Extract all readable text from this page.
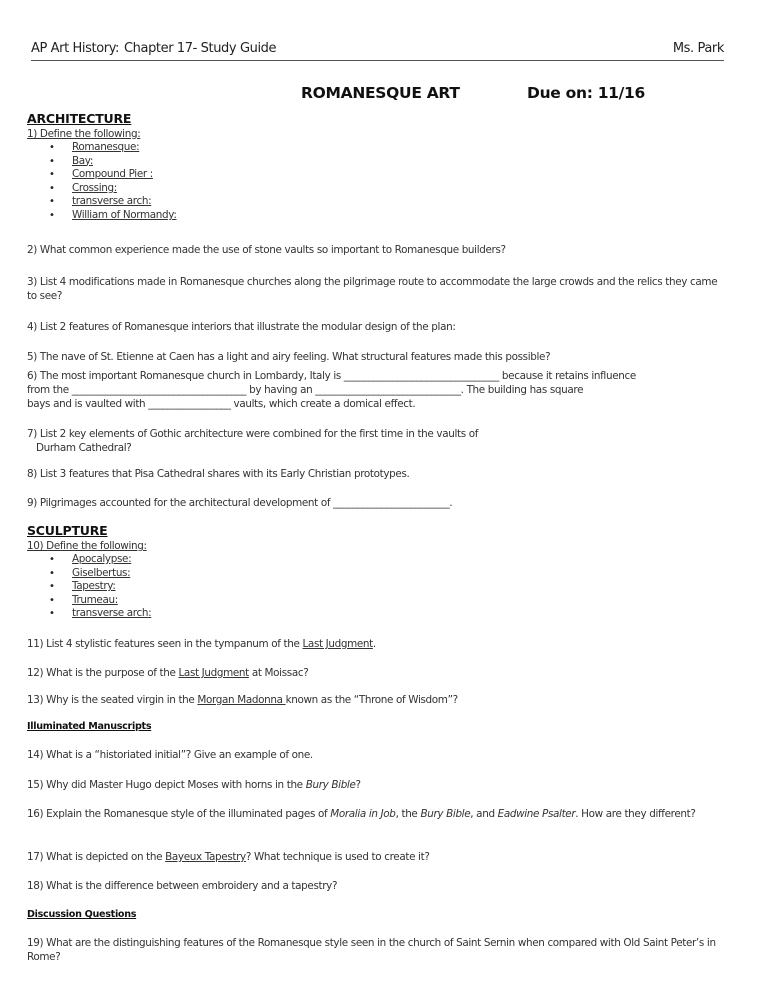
AP Art History: Chapter 17- Study Guide	Ms. Park
ROMANESQUE ART	Due on: 11/16
ARCHITECTURE
1) Define the following:
• Romanesque:
• Bay:
• Compound Pier :
• Crossing:
• transverse arch:
• William of Normandy:
2) What common experience made the use of stone vaults so important to Romanesque builders?
3) List 4 modifications made in Romanesque churches along the pilgrimage route to accommodate the large crowds and the relics they came to see?
4) List 2 features of Romanesque interiors that illustrate the modular design of the plan:
5) The nave of St. Etienne at Caen has a light and airy feeling. What structural features made this possible?
6) The most important Romanesque church in Lombardy, Italy is ________________________________ because it retains influence
from the ____________________________________ by having an ______________________________. The building has square
bays and is vaulted with _________________ vaults, which create a domical effect.
7) List 2 key elements of Gothic architecture were combined for the first time in the vaults of
Durham Cathedral?
8) List 3 features that Pisa Cathedral shares with its Early Christian prototypes.
9) Pilgrimages accounted for the architectural development of ________________________.
SCULPTURE
10) Define the following:
• Apocalypse:
• Giselbertus:
• Tapestry:
• Trumeau:
• transverse arch:
11) List 4 stylistic features seen in the tympanum of the Last Judgment.
12) What is the purpose of the Last Judgment at Moissac?
13) Why is the seated virgin in the Morgan Madonna known as the “Throne of Wisdom”?
Illuminated Manuscripts
14) What is a “historiated initial”? Give an example of one.
15) Why did Master Hugo depict Moses with horns in the Bury Bible?
16) Explain the Romanesque style of the illuminated pages of Moralia in Job, the Bury Bible, and Eadwine Psalter. How are they different?
17) What is depicted on the Bayeux Tapestry? What technique is used to create it?
18) What is the difference between embroidery and a tapestry?
Discussion Questions
19) What are the distinguishing features of the Romanesque style seen in the church of Saint Sernin when compared with Old Saint Peter’s in Rome?
